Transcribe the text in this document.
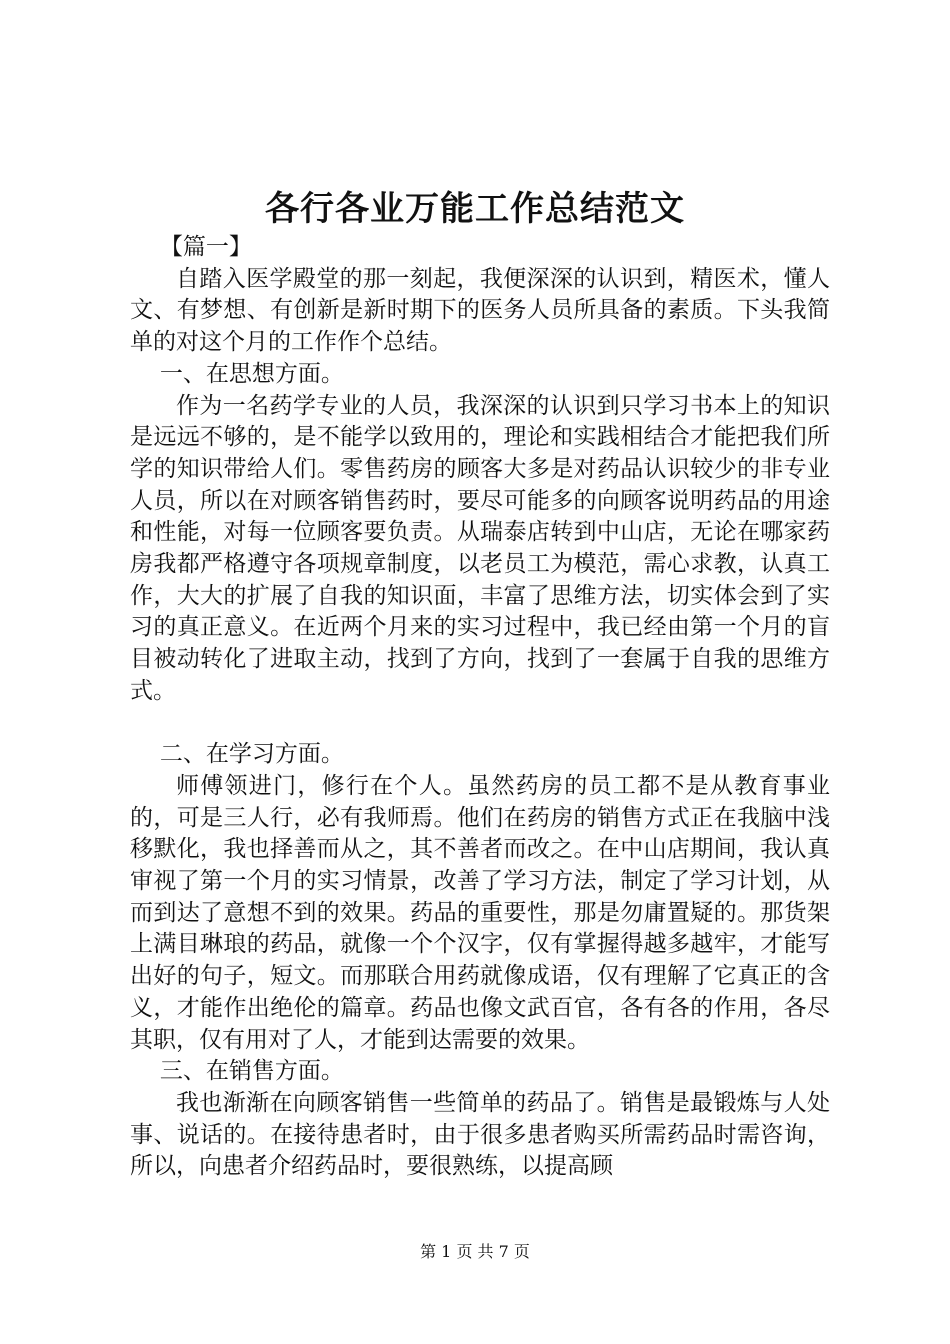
各行各业万能工作总结范文

【篇一】

自踏入医学殿堂的那一刻起，我便深深的认识到，精医术，懂人文、有梦想、有创新是新时期下的医务人员所具备的素质。下头我简单的对这个月的工作作个总结。

一、在思想方面。

作为一名药学专业的人员，我深深的认识到只学习书本上的知识是远远不够的，是不能学以致用的，理论和实践相结合才能把我们所学的知识带给人们。零售药房的顾客大多是对药品认识较少的非专业人员，所以在对顾客销售药时，要尽可能多的向顾客说明药品的用途和性能，对每一位顾客要负责。从瑞泰店转到中山店，无论在哪家药房我都严格遵守各项规章制度，以老员工为模范，需心求教，认真工作，大大的扩展了自我的知识面，丰富了思维方法，切实体会到了实习的真正意义。在近两个月来的实习过程中，我已经由第一个月的盲目被动转化了进取主动，找到了方向，找到了一套属于自我的思维方式。

二、在学习方面。

师傅领进门，修行在个人。虽然药房的员工都不是从教育事业的，可是三人行，必有我师焉。他们在药房的销售方式正在我脑中浅移默化，我也择善而从之，其不善者而改之。在中山店期间，我认真审视了第一个月的实习情景，改善了学习方法，制定了学习计划，从而到达了意想不到的效果。药品的重要性，那是勿庸置疑的。那货架上满目琳琅的药品，就像一个个汉字，仅有掌握得越多越牢，才能写出好的句子，短文。而那联合用药就像成语，仅有理解了它真正的含义，才能作出绝伦的篇章。药品也像文武百官，各有各的作用，各尽其职，仅有用对了人，才能到达需要的效果。

三、在销售方面。

我也渐渐在向顾客销售一些简单的药品了。销售是最锻炼与人处事、说话的。在接待患者时，由于很多患者购买所需药品时需咨询，所以，向患者介绍药品时，要很熟练，以提高顾

第 1 页 共 7 页
